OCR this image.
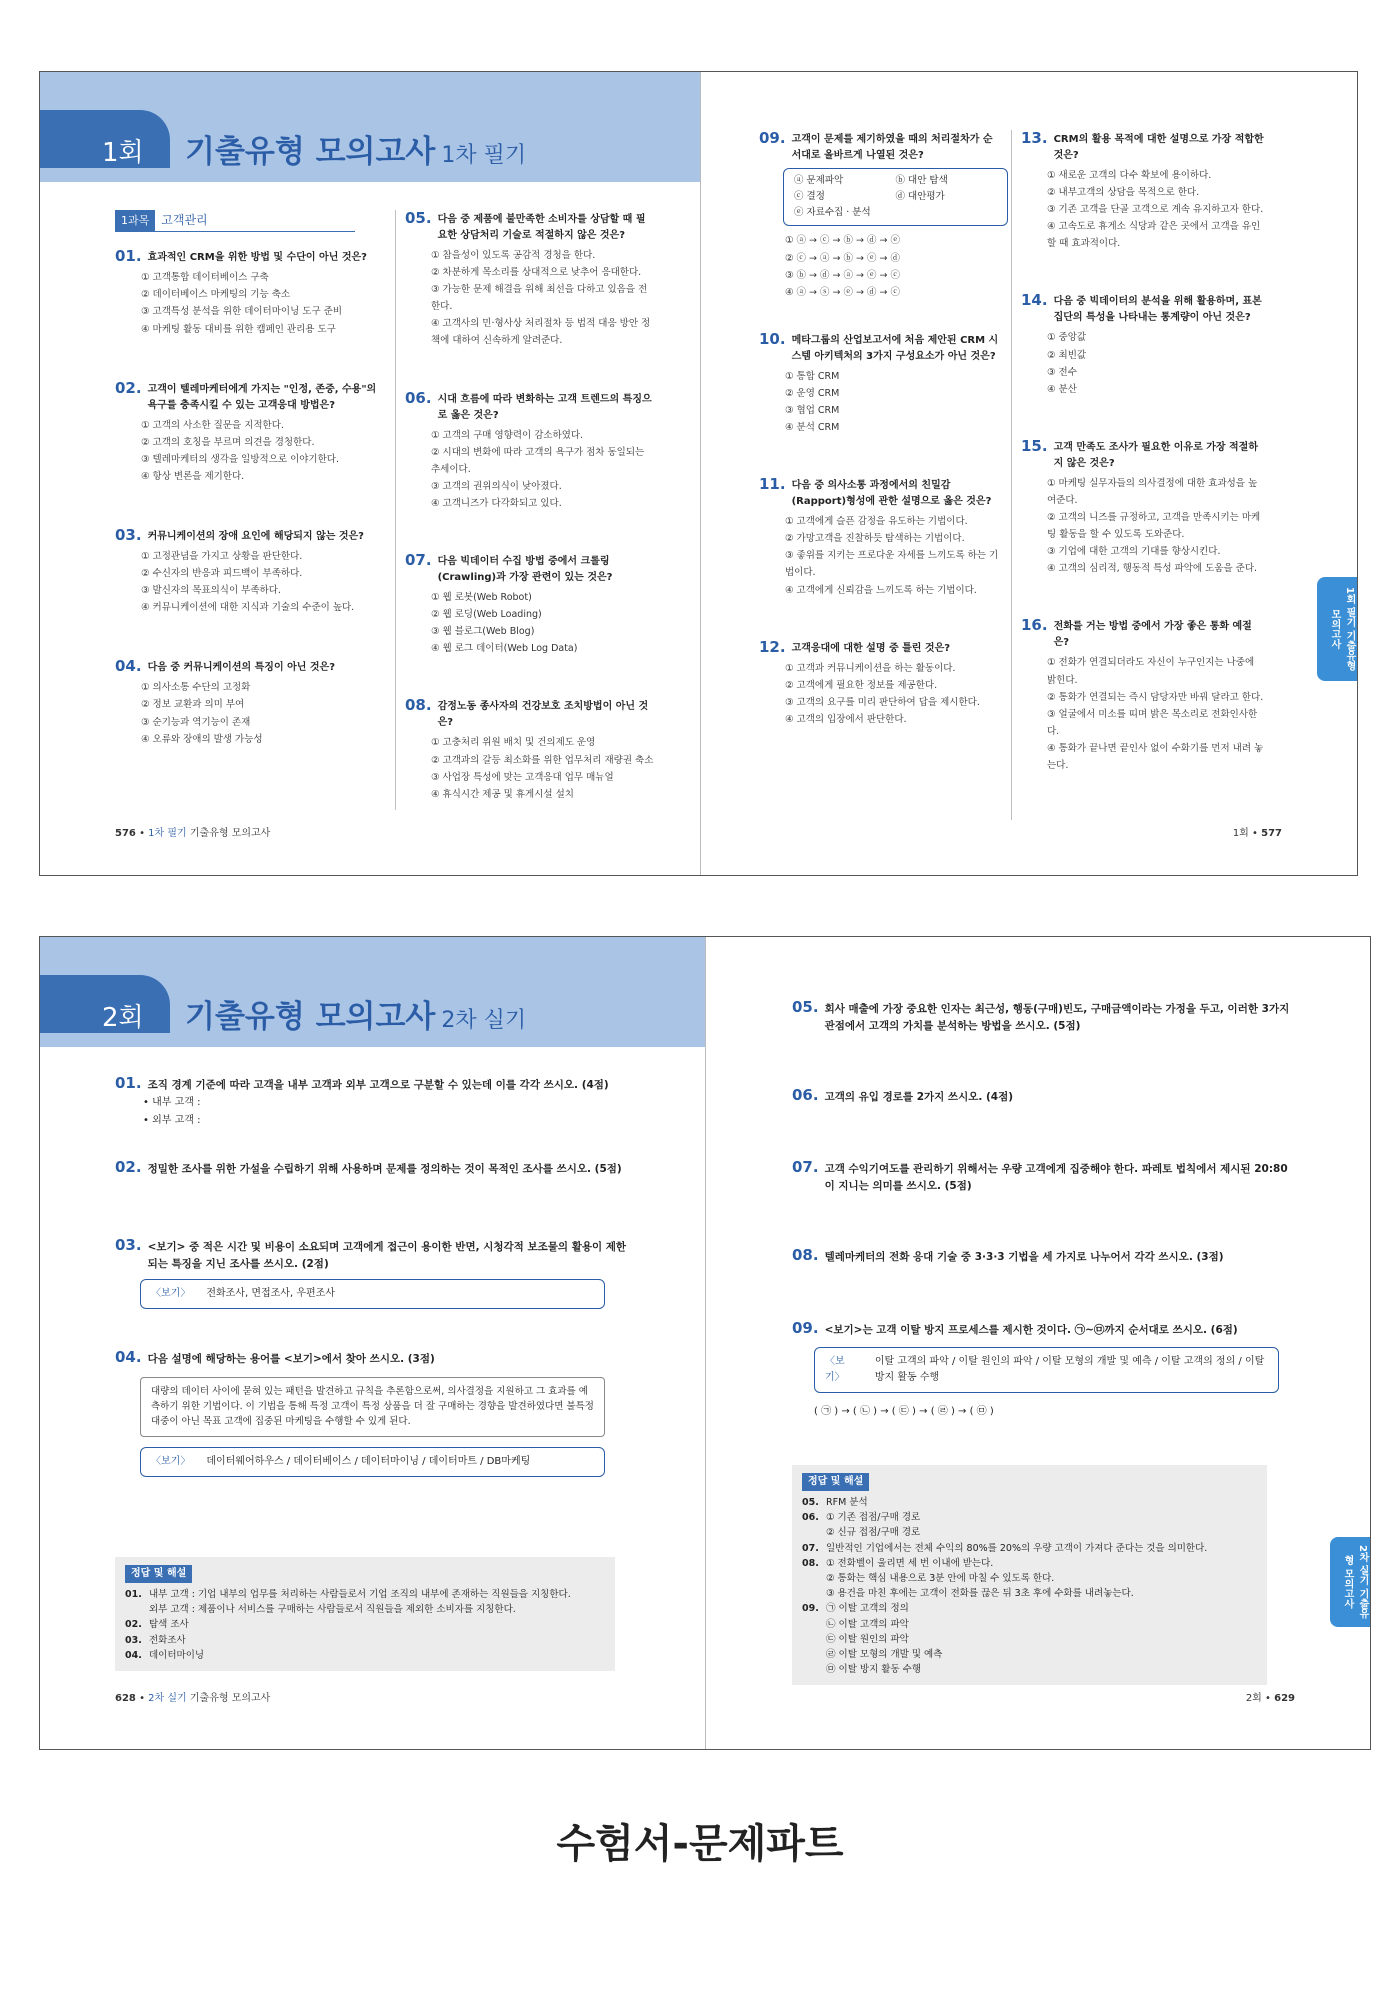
1회 기출유형 모의고사 1차 필기
1과목	고객관리
01. 효과적인 CRM을 위한 방법 및 수단이 아닌 것은?
① 고객통합 데이터베이스 구축
② 데이터베이스 마케팅의 기능 축소
③ 고객특성 분석을 위한 데이터마이닝 도구 준비
④ 마케팅 활동 대비를 위한 캠페인 관리용 도구
02. 고객이 텔레마케터에게 가지는 "인정, 존중, 수용"의 욕구를 충족시킬 수 있는 고객응대 방법은?
① 고객의 사소한 질문을 지적한다.
② 고객의 호칭을 부르며 의견을 경청한다.
③ 텔레마케터의 생각을 일방적으로 이야기한다.
④ 항상 변론을 제기한다.
03. 커뮤니케이션의 장애 요인에 해당되지 않는 것은?
① 고정관념을 가지고 상황을 판단한다.
② 수신자의 반응과 피드백이 부족하다.
③ 발신자의 목표의식이 부족하다.
④ 커뮤니케이션에 대한 지식과 기술의 수준이 높다.
04. 다음 중 커뮤니케이션의 특징이 아닌 것은?
① 의사소통 수단의 고정화
② 정보 교환과 의미 부여
③ 순기능과 역기능이 존재
④ 오류와 장애의 발생 가능성
05. 다음 중 제품에 불만족한 소비자를 상담할 때 필요한 상담처리 기술로 적절하지 않은 것은?
① 참을성이 있도록 공감적 경청을 한다.
② 차분하게 목소리를 상대적으로 낮추어 응대한다.
③ 가능한 문제 해결을 위해 최선을 다하고 있음을 전한다.
④ 고객사의 민·형사상 처리절차 등 법적 대응 방안 정책에 대하여 신속하게 알려준다.
06. 시대 흐름에 따라 변화하는 고객 트렌드의 특징으로 옳은 것은?
① 고객의 구매 영향력이 감소하였다.
② 시대의 변화에 따라 고객의 욕구가 점차 동일되는 추세이다.
③ 고객의 권위의식이 낮아졌다.
④ 고객니즈가 다각화되고 있다.
07. 다음 빅데이터 수집 방법 중에서 크롤링(Crawling)과 가장 관련이 있는 것은?
① 웹 로봇(Web Robot)
② 웹 로딩(Web Loading)
③ 웹 블로그(Web Blog)
④ 웹 로그 데이터(Web Log Data)
08. 감정노동 종사자의 건강보호 조치방법이 아닌 것은?
① 고충처리 위원 배치 및 건의제도 운영
② 고객과의 갈등 최소화를 위한 업무처리 재량권 축소
③ 사업장 특성에 맞는 고객응대 업무 매뉴얼
④ 휴식시간 제공 및 휴게시설 설치
576 • 1차 필기 기출유형 모의고사
09. 고객이 문제를 제기하였을 때의 처리절차가 순서대로 올바르게 나열된 것은?
ⓐ 문제파악	ⓑ 대안 탐색
ⓒ 결정	ⓓ 대안평가
ⓔ 자료수집 · 분석
① ⓐ → ⓒ → ⓑ → ⓓ → ⓔ
② ⓒ → ⓐ → ⓑ → ⓔ → ⓓ
③ ⓑ → ⓓ → ⓐ → ⓔ → ⓒ
④ ⓐ → ⓢ → ⓔ → ⓓ → ⓒ
10. 메타그룹의 산업보고서에 처음 제안된 CRM 시스템 아키텍처의 3가지 구성요소가 아닌 것은?
① 통합 CRM
② 운영 CRM
③ 협업 CRM
④ 분석 CRM
11. 다음 중 의사소통 과정에서의 친밀감(Rapport)형성에 관한 설명으로 옳은 것은?
① 고객에게 슬픈 감정을 유도하는 기법이다.
② 가망고객을 진찰하듯 탐색하는 기법이다.
③ 좋위를 지키는 프로다운 자세를 느끼도록 하는 기법이다.
④ 고객에게 신뢰감을 느끼도록 하는 기법이다.
12. 고객응대에 대한 설명 중 틀린 것은?
① 고객과 커뮤니케이션을 하는 활동이다.
② 고객에게 필요한 정보를 제공한다.
③ 고객의 요구를 미리 판단하여 답을 제시한다.
④ 고객의 입장에서 판단한다.
13. CRM의 활용 목적에 대한 설명으로 가장 적합한 것은?
① 새로운 고객의 다수 확보에 용이하다.
② 내부고객의 상담을 목적으로 한다.
③ 기존 고객을 단골 고객으로 계속 유지하고자 한다.
④ 고속도로 휴게소 식당과 같은 곳에서 고객을 유인할 때 효과적이다.
14. 다음 중 빅데이터의 분석을 위해 활용하며, 표본집단의 특성을 나타내는 통계량이 아닌 것은?
① 중앙값
② 최빈값
③ 전수
④ 분산
15. 고객 만족도 조사가 필요한 이유로 가장 적절하지 않은 것은?
① 마케팅 실무자들의 의사결정에 대한 효과성을 높여준다.
② 고객의 니즈를 규정하고, 고객을 만족시키는 마케팅 활동을 할 수 있도록 도와준다.
③ 기업에 대한 고객의 기대를 향상시킨다.
④ 고객의 심리적, 행동적 특성 파악에 도움을 준다.
16. 전화를 거는 방법 중에서 가장 좋은 통화 예절은?
① 전화가 연결되더라도 자신이 누구인지는 나중에 밝힌다.
② 통화가 연결되는 즉시 담당자만 바꿔 달라고 한다.
③ 얼굴에서 미소를 띠며 밝은 목소리로 전화인사한다.
④ 통화가 끝나면 끝인사 없이 수화기를 먼저 내려 놓는다.
1회 필기 기출유형 모의고사
1회 • 577
2회 기출유형 모의고사 2차 실기
01. 조직 경계 기준에 따라 고객을 내부 고객과 외부 고객으로 구분할 수 있는데 이를 각각 쓰시오. (4점)
• 내부 고객 :
• 외부 고객 :
02. 정밀한 조사를 위한 가설을 수립하기 위해 사용하며 문제를 정의하는 것이 목적인 조사를 쓰시오. (5점)
03. <보기> 중 적은 시간 및 비용이 소요되며 고객에게 접근이 용이한 반면, 시청각적 보조물의 활용이 제한되는 특징을 지닌 조사를 쓰시오. (2점)
〈보기〉 전화조사, 면접조사, 우편조사
04. 다음 설명에 해당하는 용어를 <보기>에서 찾아 쓰시오. (3점)
대량의 데이터 사이에 묻혀 있는 패턴을 발견하고 규칙을 추론함으로써, 의사결정을 지원하고 그 효과를 예측하기 위한 기법이다. 이 기법을 통해 특정 고객이 특정 상품을 더 잘 구매하는 경향을 발견하였다면 불특정 대중이 아닌 목표 고객에 집중된 마케팅을 수행할 수 있게 된다.
〈보기〉 데이터웨어하우스 / 데이터베이스 / 데이터마이닝 / 데이터마트 / DB마케팅
정답 및 해설
01. 내부 고객 : 기업 내부의 업무를 처리하는 사람들로서 기업 조직의 내부에 존재하는 직원들을 지칭한다.
외부 고객 : 제품이나 서비스를 구매하는 사람들로서 직원들을 제외한 소비자를 지칭한다.
02. 탐색 조사
03. 전화조사
04. 데이터마이닝
628 • 2차 실기 기출유형 모의고사
05. 회사 매출에 가장 중요한 인자는 최근성, 행동(구매)빈도, 구매금액이라는 가정을 두고, 이러한 3가지 관점에서 고객의 가치를 분석하는 방법을 쓰시오. (5점)
06. 고객의 유입 경로를 2가지 쓰시오. (4점)
07. 고객 수익기여도를 관리하기 위해서는 우량 고객에게 집중해야 한다. 파레토 법칙에서 제시된 20:80이 지니는 의미를 쓰시오. (5점)
08. 텔레마케터의 전화 응대 기술 중 3·3·3 기법을 세 가지로 나누어서 각각 쓰시오. (3점)
09. <보기>는 고객 이탈 방지 프로세스를 제시한 것이다. ㉠~㉤까지 순서대로 쓰시오. (6점)
〈보기〉
이탈 고객의 파악 / 이탈 원인의 파악 / 이탈 모형의 개발 및 예측 / 이탈 고객의 정의 / 이탈 방지 활동 수행
( ㉠ ) → ( ㉡ ) → ( ㉢ ) → ( ㉣ ) → ( ㉤ )
정답 및 해설
05. RFM 분석
06. ① 기존 접점/구매 경로
② 신규 접점/구매 경로
07. 일반적인 기업에서는 전체 수익의 80%를 20%의 우량 고객이 가져다 준다는 것을 의미한다.
08. ① 전화벨이 울리면 세 번 이내에 받는다.
② 통화는 핵심 내용으로 3분 안에 마칠 수 있도록 한다.
③ 용건을 마친 후에는 고객이 전화를 끊은 뒤 3초 후에 수화를 내려놓는다.
09. ㉠ 이탈 고객의 정의
㉡ 이탈 고객의 파악
㉢ 이탈 원인의 파악
㉣ 이탈 모형의 개발 및 예측
㉤ 이탈 방지 활동 수행
2차 실기 기출유형 모의고사
2회 • 629
수험서-문제파트
